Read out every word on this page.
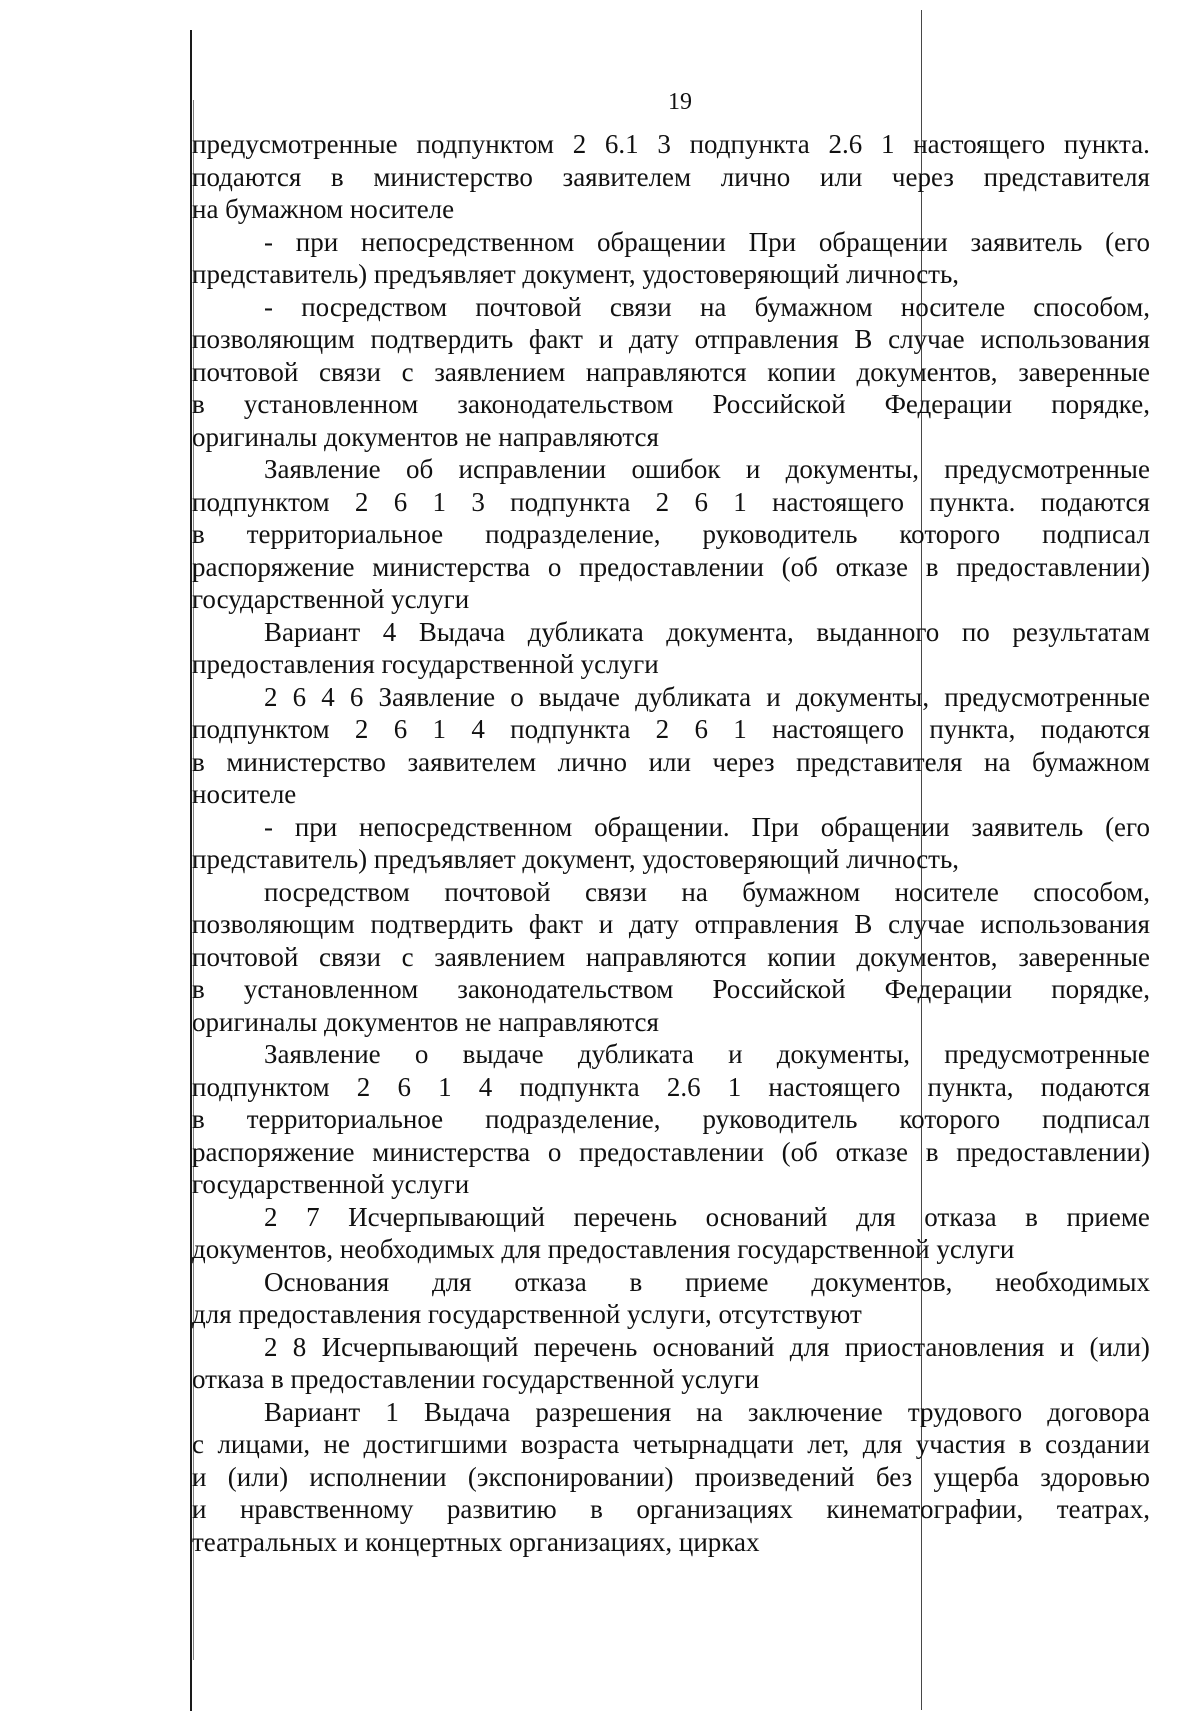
19
предусмотренные подпунктом 2 6.1 3 подпункта 2.6 1 настоящего пункта.
подаются в министерство заявителем лично или через представителя
на бумажном носителе
- при непосредственном обращении При обращении заявитель (его
представитель) предъявляет документ, удостоверяющий личность,
- посредством почтовой связи на бумажном носителе способом,
позволяющим подтвердить факт и дату отправления В случае использования
почтовой связи с заявлением направляются копии документов, заверенные
в установленном законодательством Российской Федерации порядке,
оригиналы документов не направляются
Заявление об исправлении ошибок и документы, предусмотренные
подпунктом 2 6 1 3 подпункта 2 6 1 настоящего пункта. подаются
в территориальное подразделение, руководитель которого подписал
распоряжение министерства о предоставлении (об отказе в предоставлении)
государственной услуги
Вариант 4 Выдача дубликата документа, выданного по результатам
предоставления государственной услуги
2 6 4 6 Заявление о выдаче дубликата и документы, предусмотренные
подпунктом 2 6 1 4 подпункта 2 6 1 настоящего пункта, подаются
в министерство заявителем лично или через представителя на бумажном
носителе
- при непосредственном обращении. При обращении заявитель (его
представитель) предъявляет документ, удостоверяющий личность,
посредством почтовой связи на бумажном носителе способом,
позволяющим подтвердить факт и дату отправления В случае использования
почтовой связи с заявлением направляются копии документов, заверенные
в установленном законодательством Российской Федерации порядке,
оригиналы документов не направляются
Заявление о выдаче дубликата и документы, предусмотренные
подпунктом 2 6 1 4 подпункта 2.6 1 настоящего пункта, подаются
в территориальное подразделение, руководитель которого подписал
распоряжение министерства о предоставлении (об отказе в предоставлении)
государственной услуги
2 7 Исчерпывающий перечень оснований для отказа в приеме
документов, необходимых для предоставления государственной услуги
Основания для отказа в приеме документов, необходимых
для предоставления государственной услуги, отсутствуют
2 8 Исчерпывающий перечень оснований для приостановления и (или)
отказа в предоставлении государственной услуги
Вариант 1 Выдача разрешения на заключение трудового договора
с лицами, не достигшими возраста четырнадцати лет, для участия в создании
и (или) исполнении (экспонировании) произведений без ущерба здоровью
и нравственному развитию в организациях кинематографии, театрах,
театральных и концертных организациях, цирках
